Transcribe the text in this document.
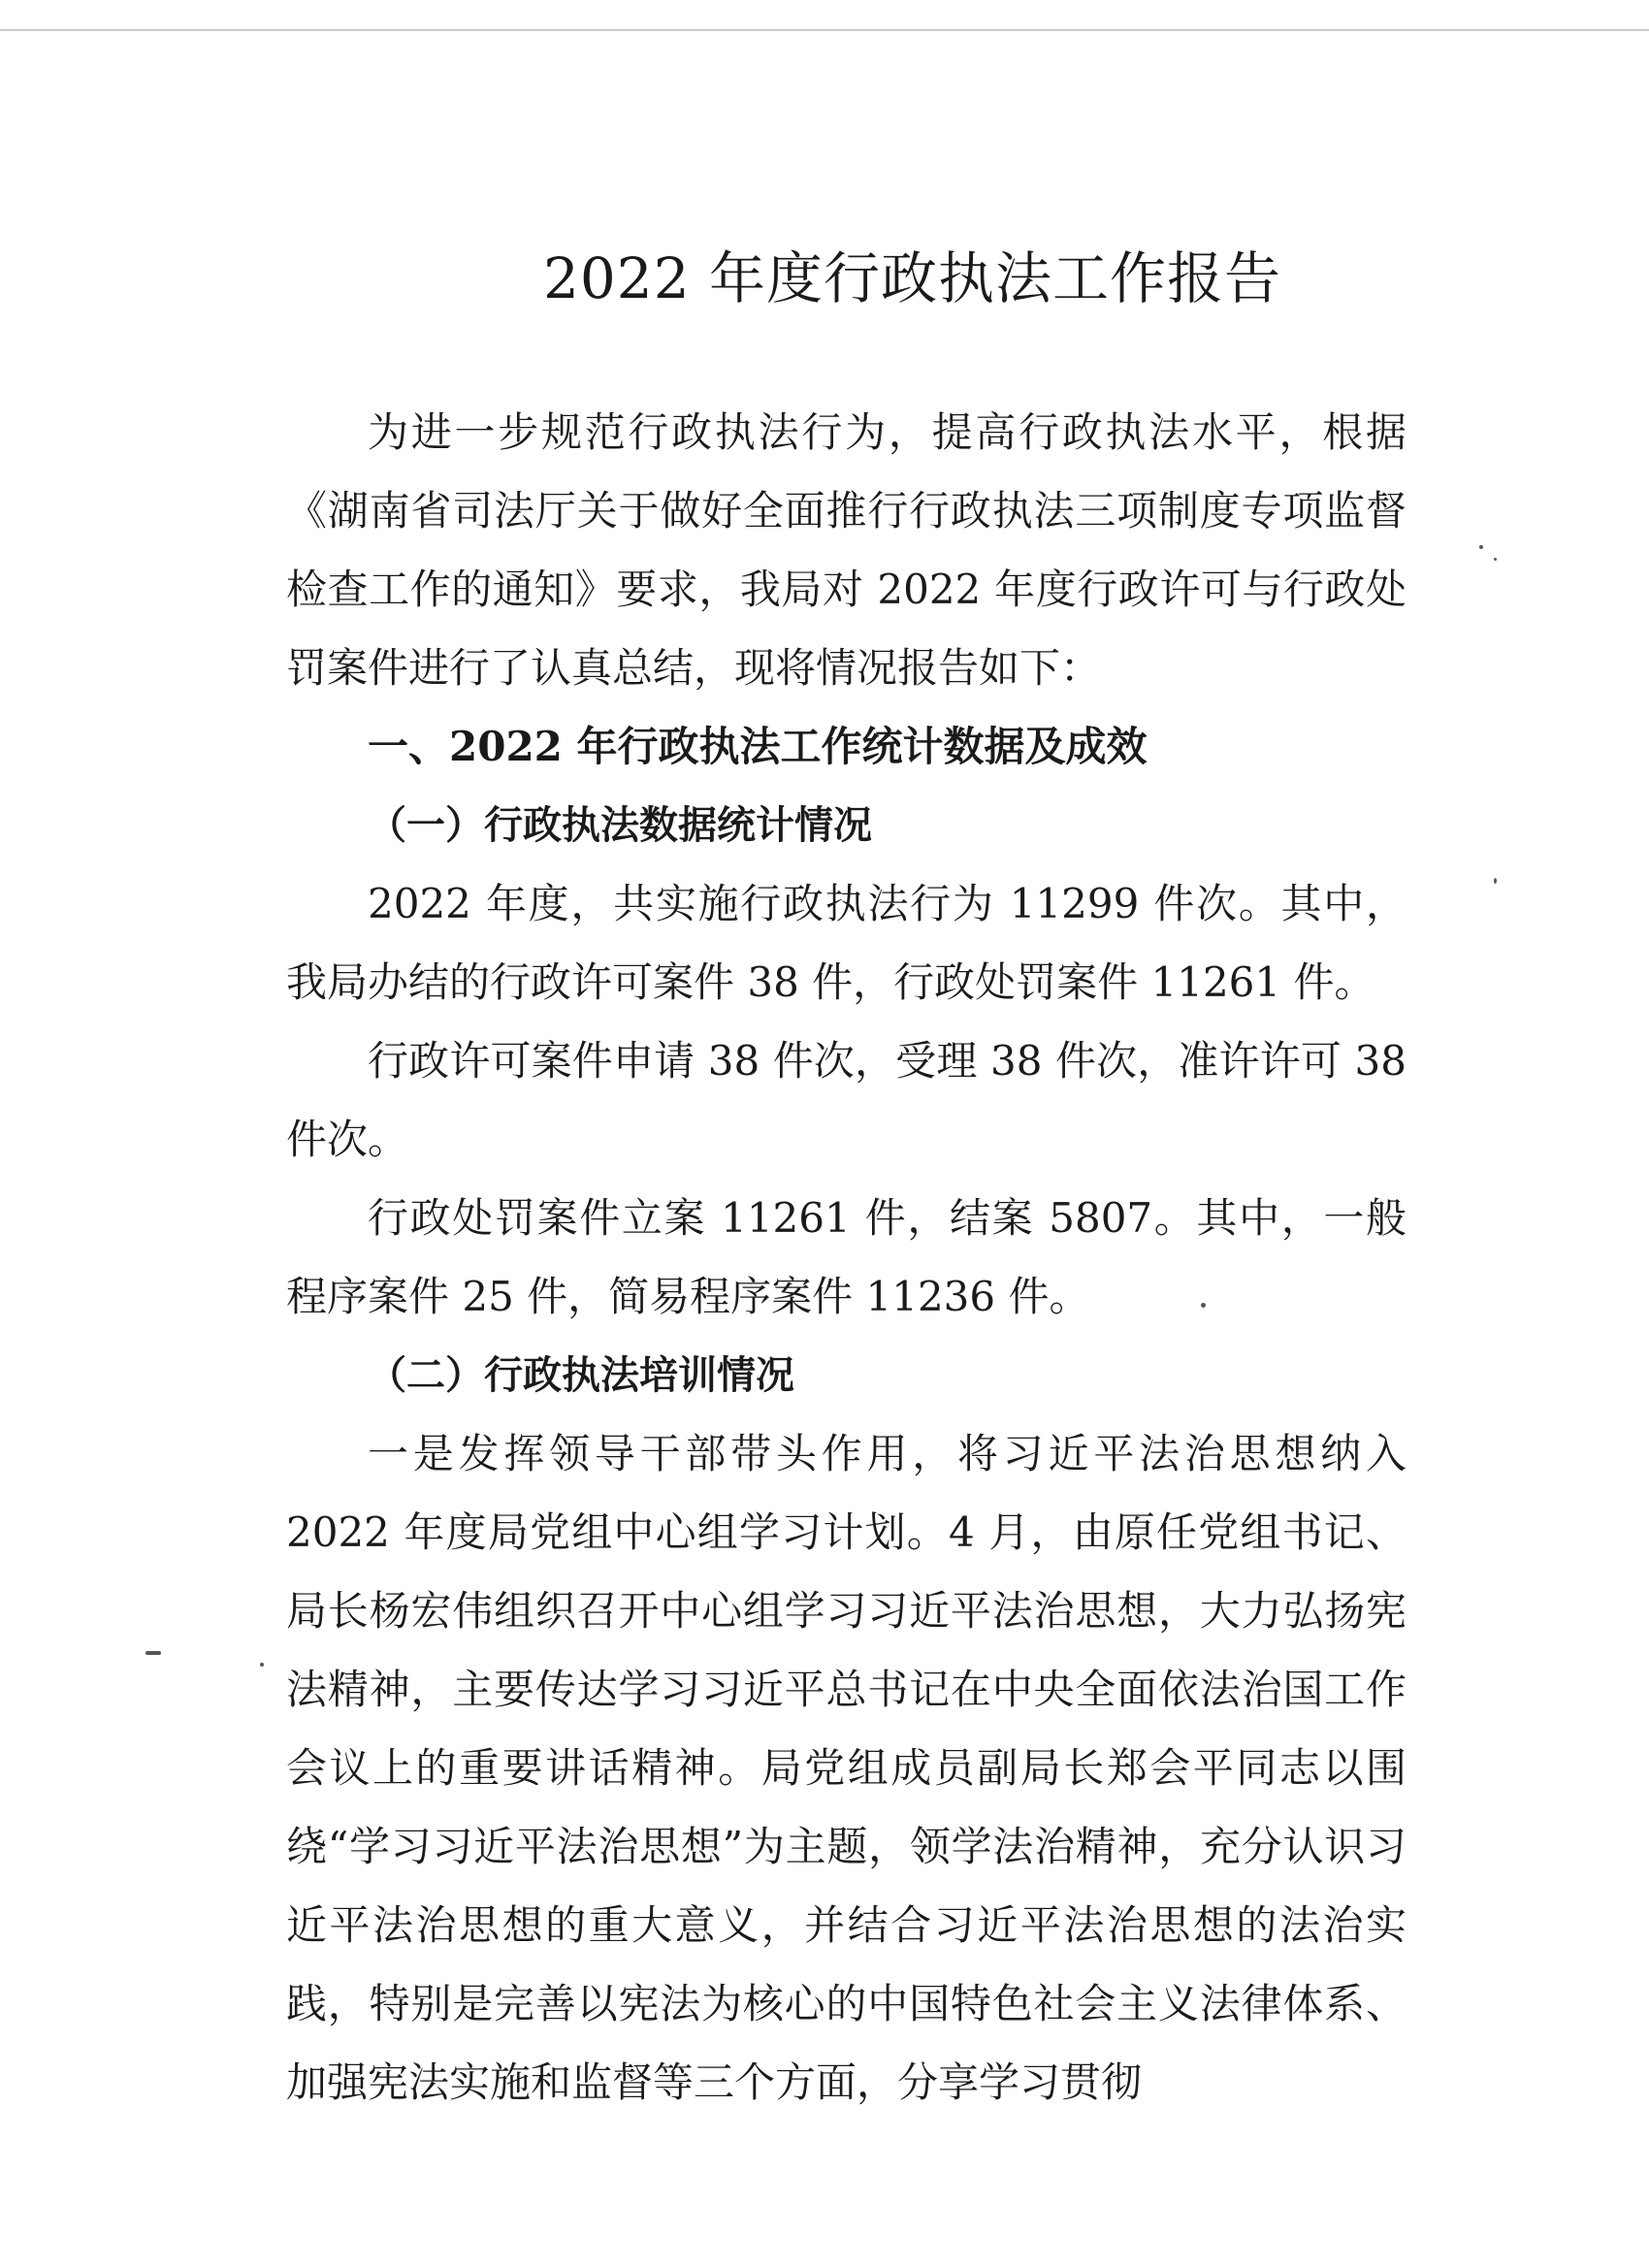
2022 年度行政执法工作报告

为进一步规范行政执法行为，提高行政执法水平，根据《湖南省司法厅关于做好全面推行行政执法三项制度专项监督检查工作的通知》要求，我局对 2022 年度行政许可与行政处罚案件进行了认真总结，现将情况报告如下：

一、2022 年行政执法工作统计数据及成效
（一）行政执法数据统计情况

2022 年度，共实施行政执法行为 11299 件次。其中，我局办结的行政许可案件 38 件，行政处罚案件 11261 件。

行政许可案件申请 38 件次，受理 38 件次，准许许可 38 件次。

行政处罚案件立案 11261 件，结案 5807。其中，一般程序案件 25 件，简易程序案件 11236 件。

（二）行政执法培训情况

一是发挥领导干部带头作用，将习近平法治思想纳入 2022 年度局党组中心组学习计划。4 月，由原任党组书记、局长杨宏伟组织召开中心组学习习近平法治思想，大力弘扬宪法精神，主要传达学习习近平总书记在中央全面依法治国工作会议上的重要讲话精神。局党组成员副局长郑会平同志以围绕“学习习近平法治思想”为主题，领学法治精神，充分认识习近平法治思想的重大意义，并结合习近平法治思想的法治实践，特别是完善以宪法为核心的中国特色社会主义法律体系、加强宪法实施和监督等三个方面，分享学习贯彻
